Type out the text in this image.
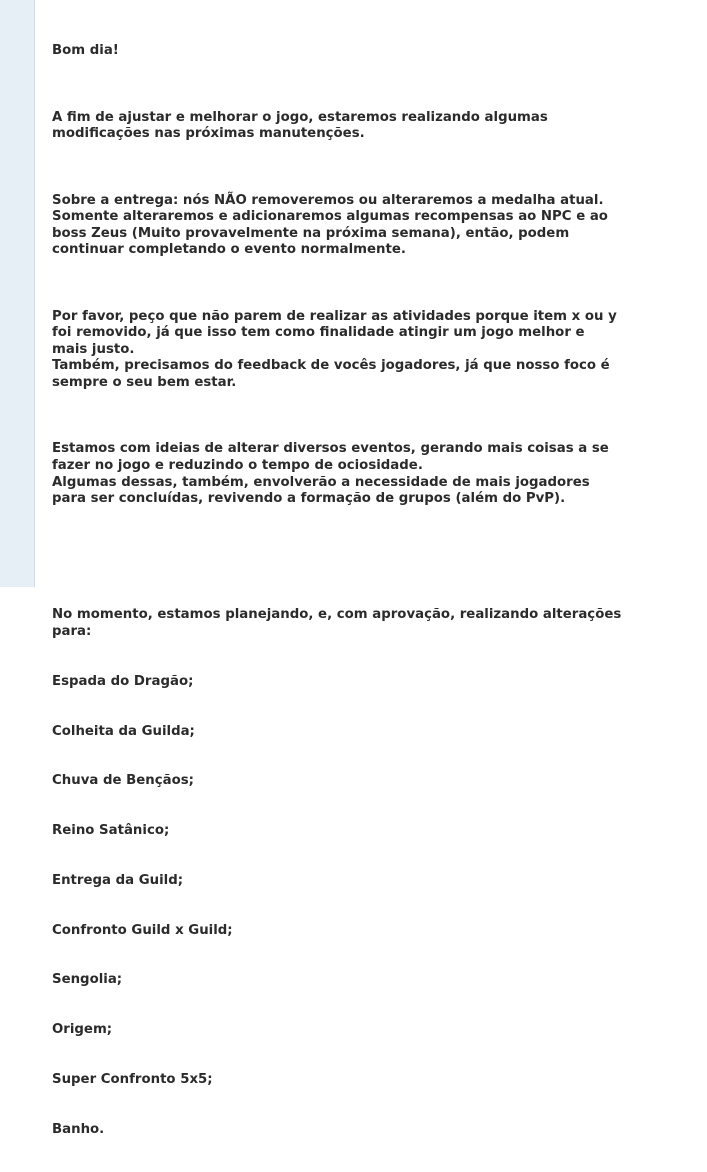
Bom dia!

A fim de ajustar e melhorar o jogo, estaremos realizando algumas
modificações nas próximas manutenções.

Sobre a entrega: nós NÃO removeremos ou alteraremos a medalha atual.
Somente alteraremos e adicionaremos algumas recompensas ao NPC e ao
boss Zeus (Muito provavelmente na próxima semana), então, podem
continuar completando o evento normalmente.

Por favor, peço que não parem de realizar as atividades porque item x ou y
foi removido, já que isso tem como finalidade atingir um jogo melhor e
mais justo.
Também, precisamos do feedback de vocês jogadores, já que nosso foco é
sempre o seu bem estar.

Estamos com ideias de alterar diversos eventos, gerando mais coisas a se
fazer no jogo e reduzindo o tempo de ociosidade.
Algumas dessas, também, envolverão a necessidade de mais jogadores
para ser concluídas, revivendo a formação de grupos (além do PvP).

No momento, estamos planejando, e, com aprovação, realizando alterações
para:

Espada do Dragão;

Colheita da Guilda;

Chuva de Bençãos;

Reino Satânico;

Entrega da Guild;

Confronto Guild x Guild;

Sengolia;

Origem;

Super Confronto 5x5;

Banho.
